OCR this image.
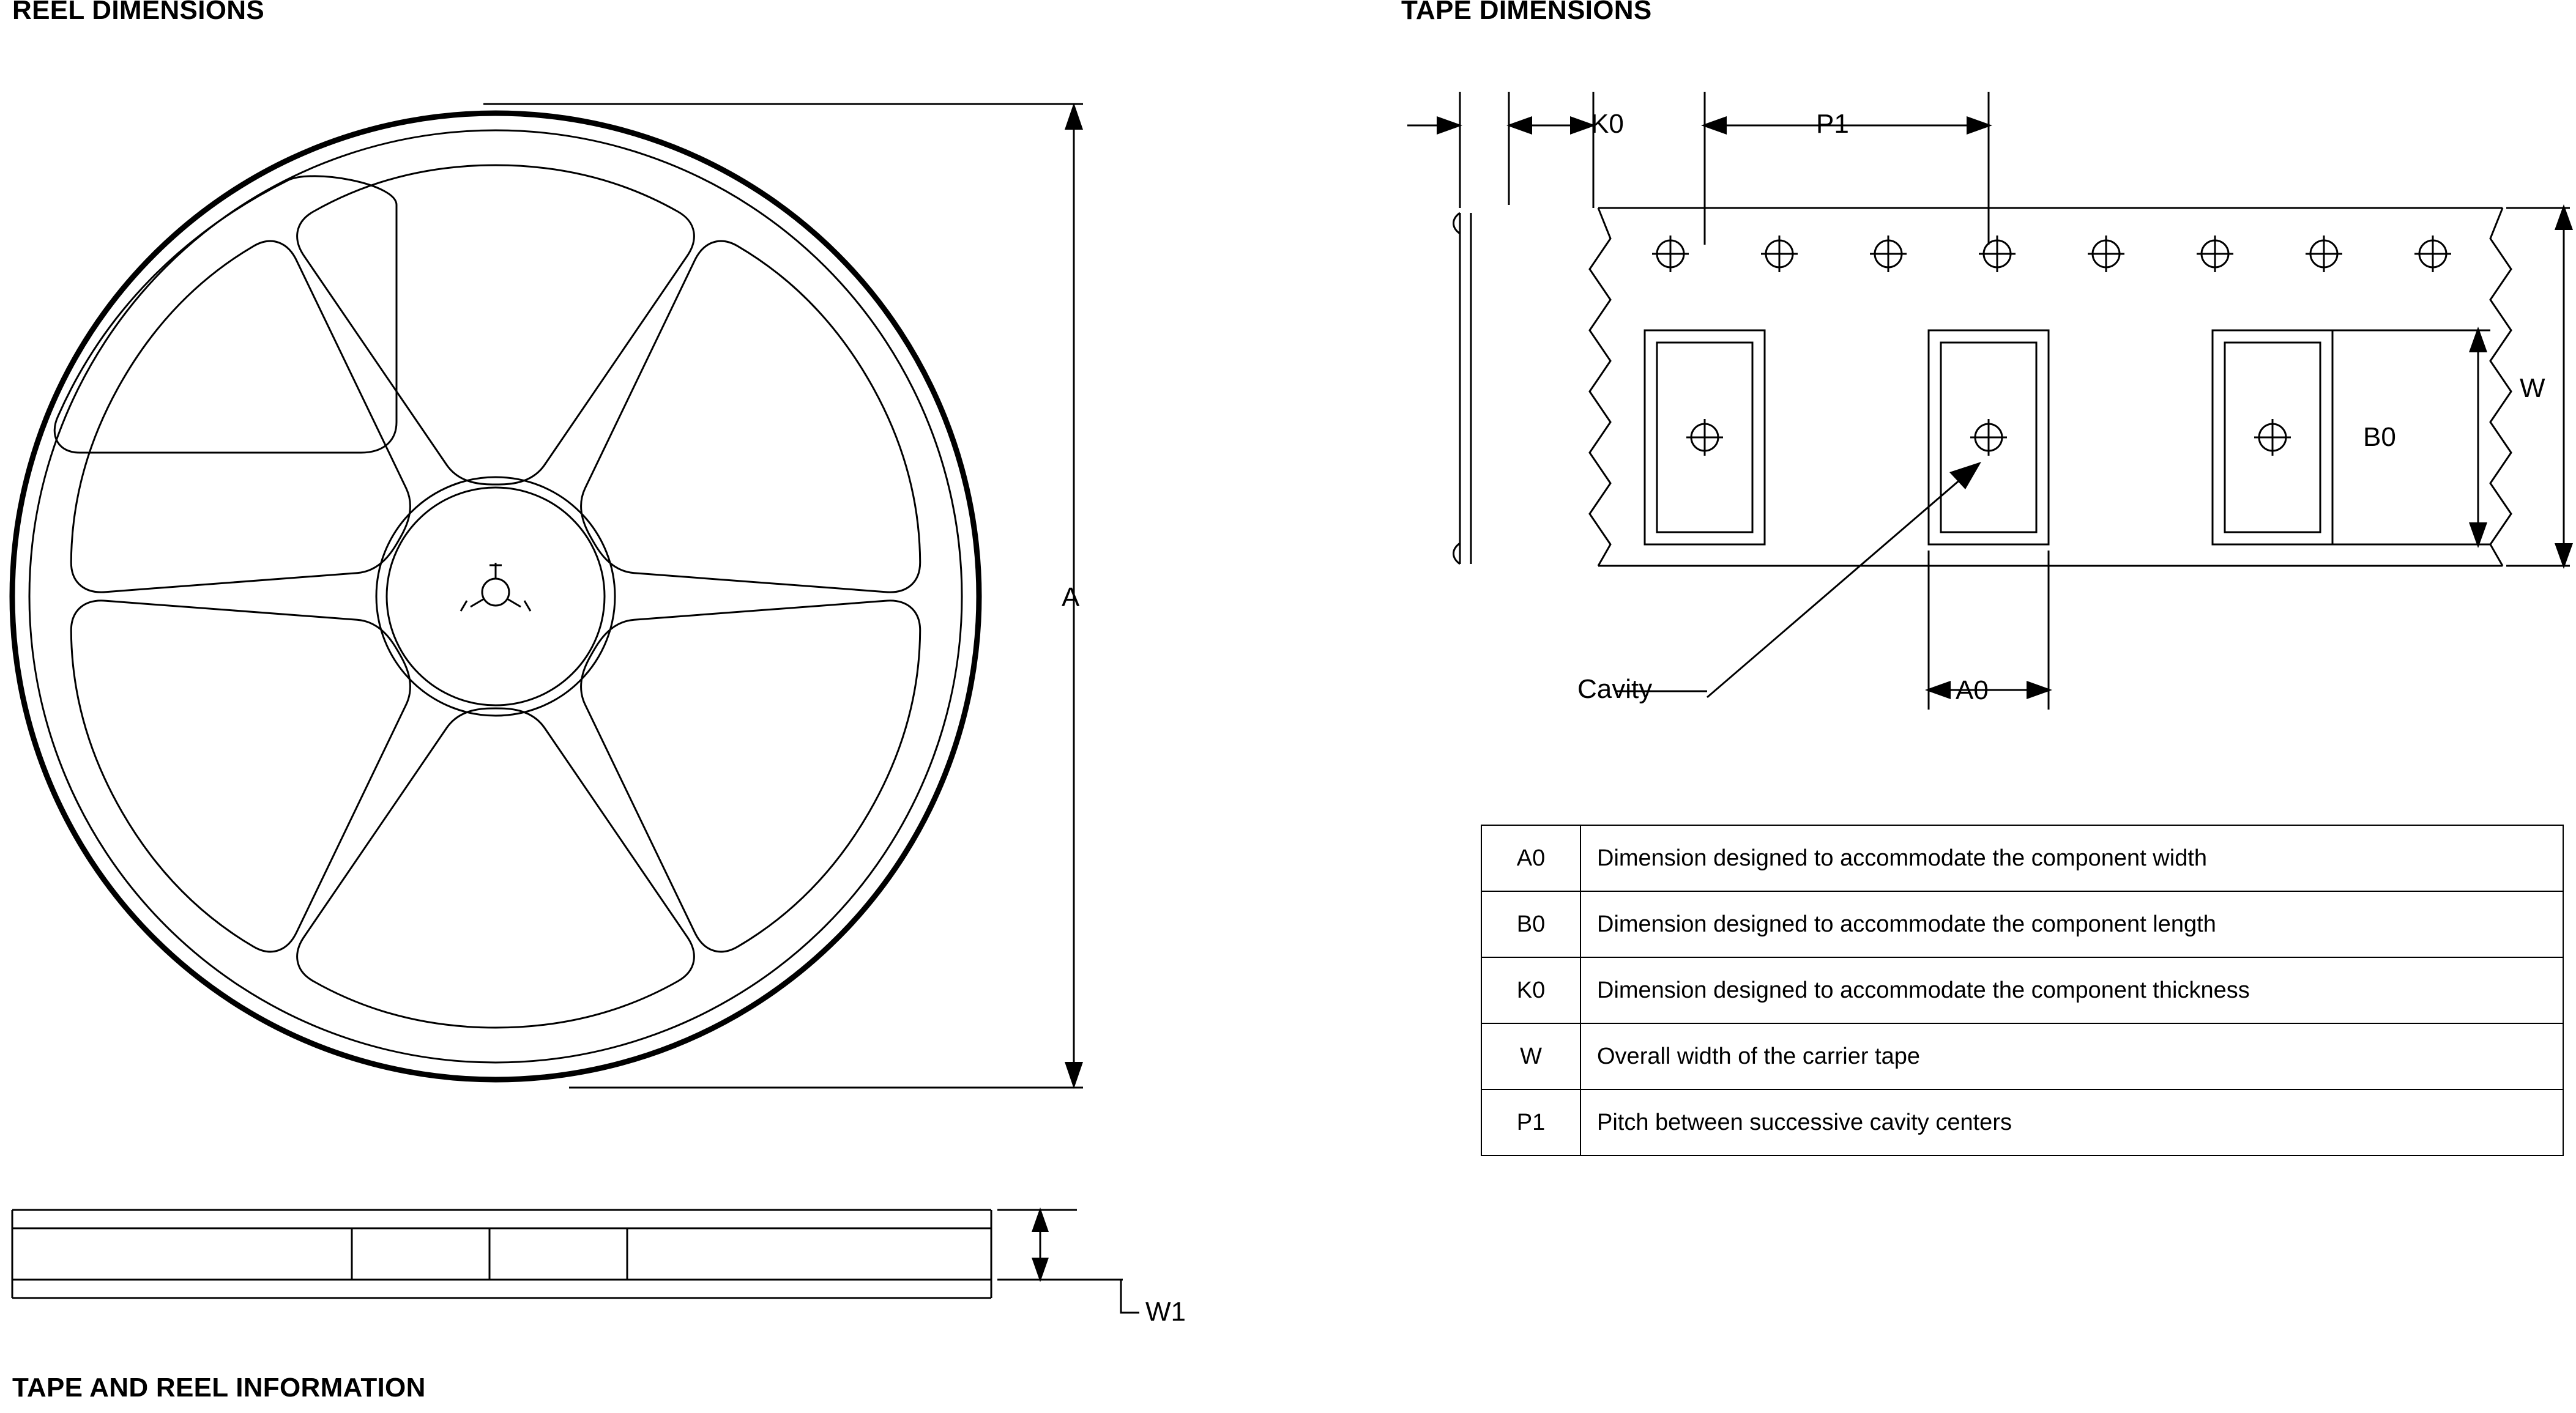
REEL DIMENSIONS	TAPE DIMENSIONS
TAPE AND REEL INFORMATION
A
W1
K0	P1
W
B0
A0
Cavity
A0	Dimension designed to accommodate the component width
B0	Dimension designed to accommodate the component length
K0	Dimension designed to accommodate the component thickness
W	Overall width of the carrier tape
P1	Pitch between successive cavity centers
